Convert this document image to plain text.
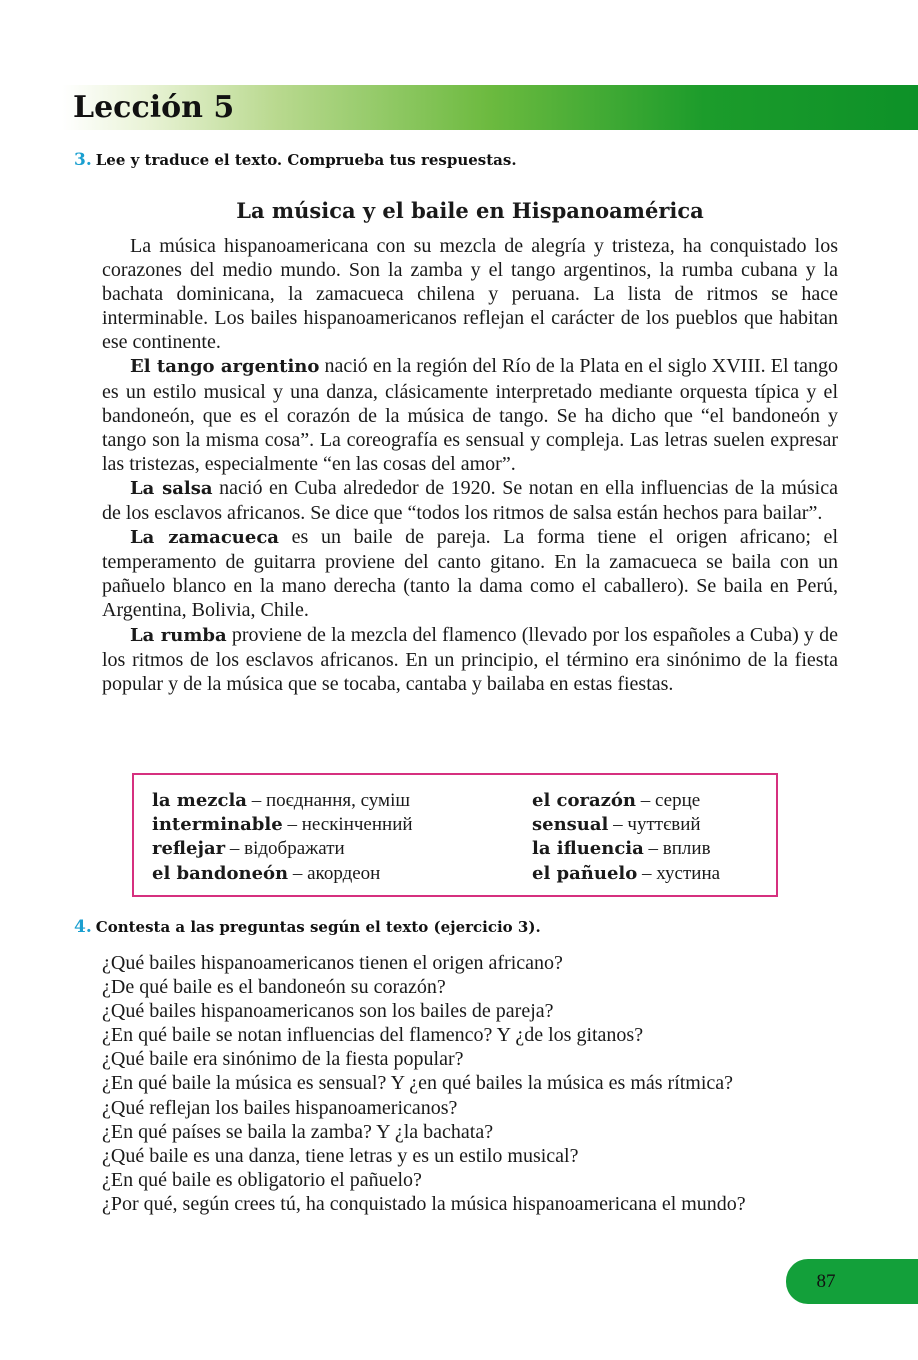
Lección 5

3. Lee y traduce el texto. Comprueba tus respuestas.

La música y el baile en Hispanoamérica

La música hispanoamericana con su mezcla de alegría y tristeza, ha conquistado los corazones del medio mundo. Son la zamba y el tango argentinos, la rumba cubana y la bachata dominicana, la zamacueca chilena y peruana. La lista de ritmos se hace interminable. Los bailes hispanoamericanos reflejan el carácter de los pueblos que habitan ese continente.

El tango argentino nació en la región del Río de la Plata en el siglo XVIII. El tango es un estilo musical y una danza, clásicamente interpretado mediante orquesta típica y el bandoneón, que es el corazón de la música de tango. Se ha dicho que “el bandoneón y tango son la misma cosa”. La coreografía es sensual y compleja. Las letras suelen expresar las tristezas, especialmente “en las cosas del amor”.

La salsa nació en Cuba alrededor de 1920. Se notan en ella influencias de la música de los esclavos africanos. Se dice que “todos los ritmos de salsa están hechos para bailar”.

La zamacueca es un baile de pareja. La forma tiene el origen africano; el temperamento de guitarra proviene del canto gitano. En la zamacueca se baila con un pañuelo blanco en la mano derecha (tanto la dama como el caballero). Se baila en Perú, Argentina, Bolivia, Chile.

La rumba proviene de la mezcla del flamenco (llevado por los españoles a Cuba) y de los ritmos de los esclavos africanos. En un principio, el término era sinónimo de la fiesta popular y de la música que se tocaba, cantaba y bailaba en estas fiestas.

la mezcla – поєднання, суміш
interminable – нескінченний
reflejar – відображати
el bandoneón – акордеон
el corazón – серце
sensual – чуттєвий
la ifluencia – вплив
el pañuelo – хустина

4. Contesta a las preguntas según el texto (ejercicio 3).

¿Qué bailes hispanoamericanos tienen el origen africano?

¿De qué baile es el bandoneón su corazón?

¿Qué bailes hispanoamericanos son los bailes de pareja?

¿En qué baile se notan influencias del flamenco? Y ¿de los gitanos?

¿Qué baile era sinónimo de la fiesta popular?

¿En qué baile la música es sensual? Y ¿en qué bailes la música es más rítmica?

¿Qué reflejan los bailes hispanoamericanos?

¿En qué países se baila la zamba? Y ¿la bachata?

¿Qué baile es una danza, tiene letras y es un estilo musical?

¿En qué baile es obligatorio el pañuelo?

¿Por qué, según crees tú, ha conquistado la música hispanoamericana el mundo?

87
